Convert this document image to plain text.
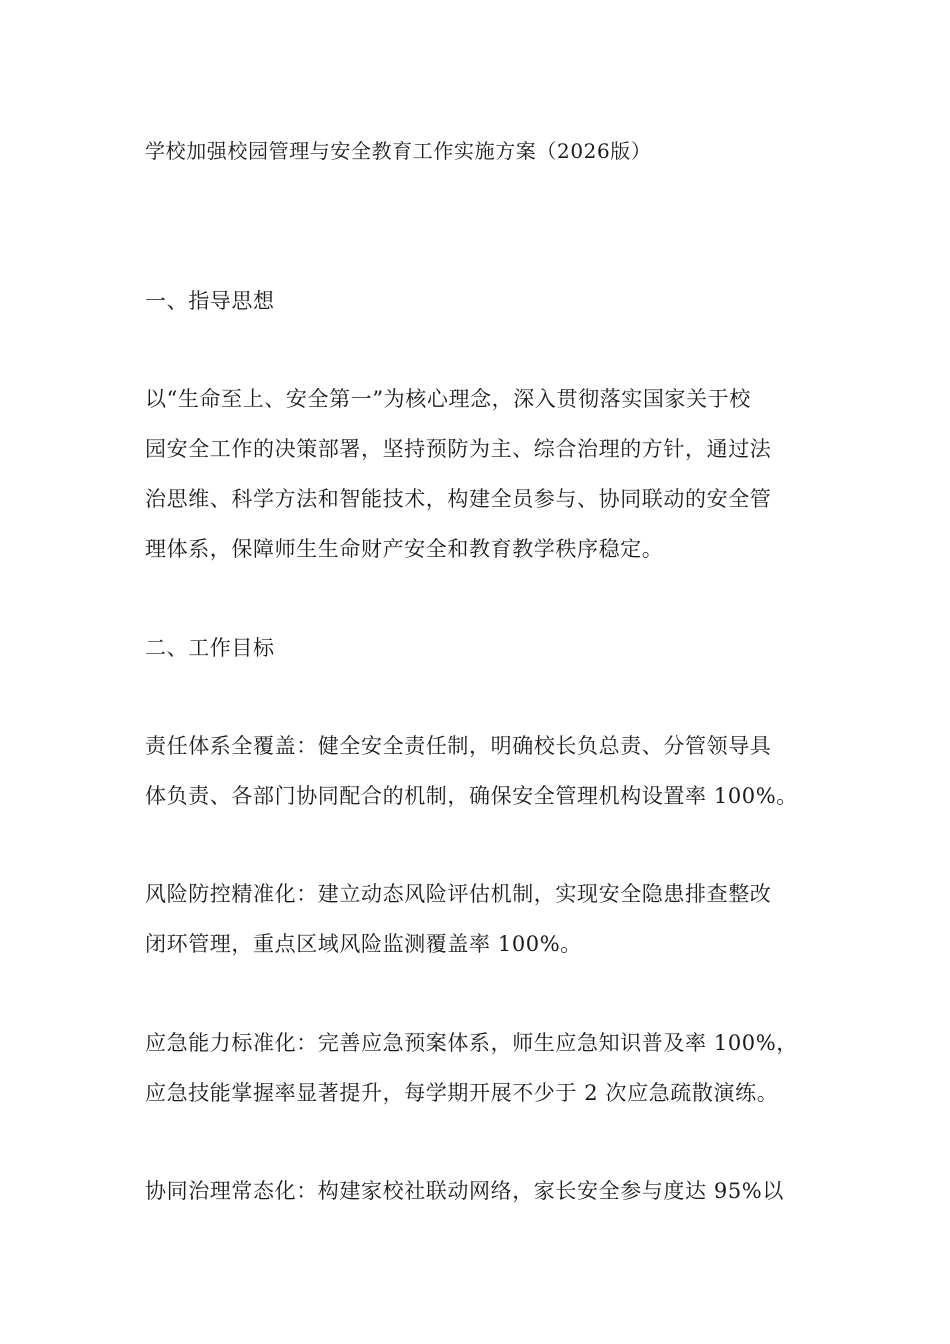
学校加强校园管理与安全教育工作实施方案（2026版）
一、指导思想
以“生命至上、安全第一”为核心理念，深入贯彻落实国家关于校
园安全工作的决策部署，坚持预防为主、综合治理的方针，通过法
治思维、科学方法和智能技术，构建全员参与、协同联动的安全管
理体系，保障师生生命财产安全和教育教学秩序稳定。
二、工作目标
责任体系全覆盖：健全安全责任制，明确校长负总责、分管领导具
体负责、各部门协同配合的机制，确保安全管理机构设置率 100%。
风险防控精准化：建立动态风险评估机制，实现安全隐患排查整改
闭环管理，重点区域风险监测覆盖率 100%。
应急能力标准化：完善应急预案体系，师生应急知识普及率 100%，
应急技能掌握率显著提升，每学期开展不少于 2 次应急疏散演练。
协同治理常态化：构建家校社联动网络，家长安全参与度达 95%以
